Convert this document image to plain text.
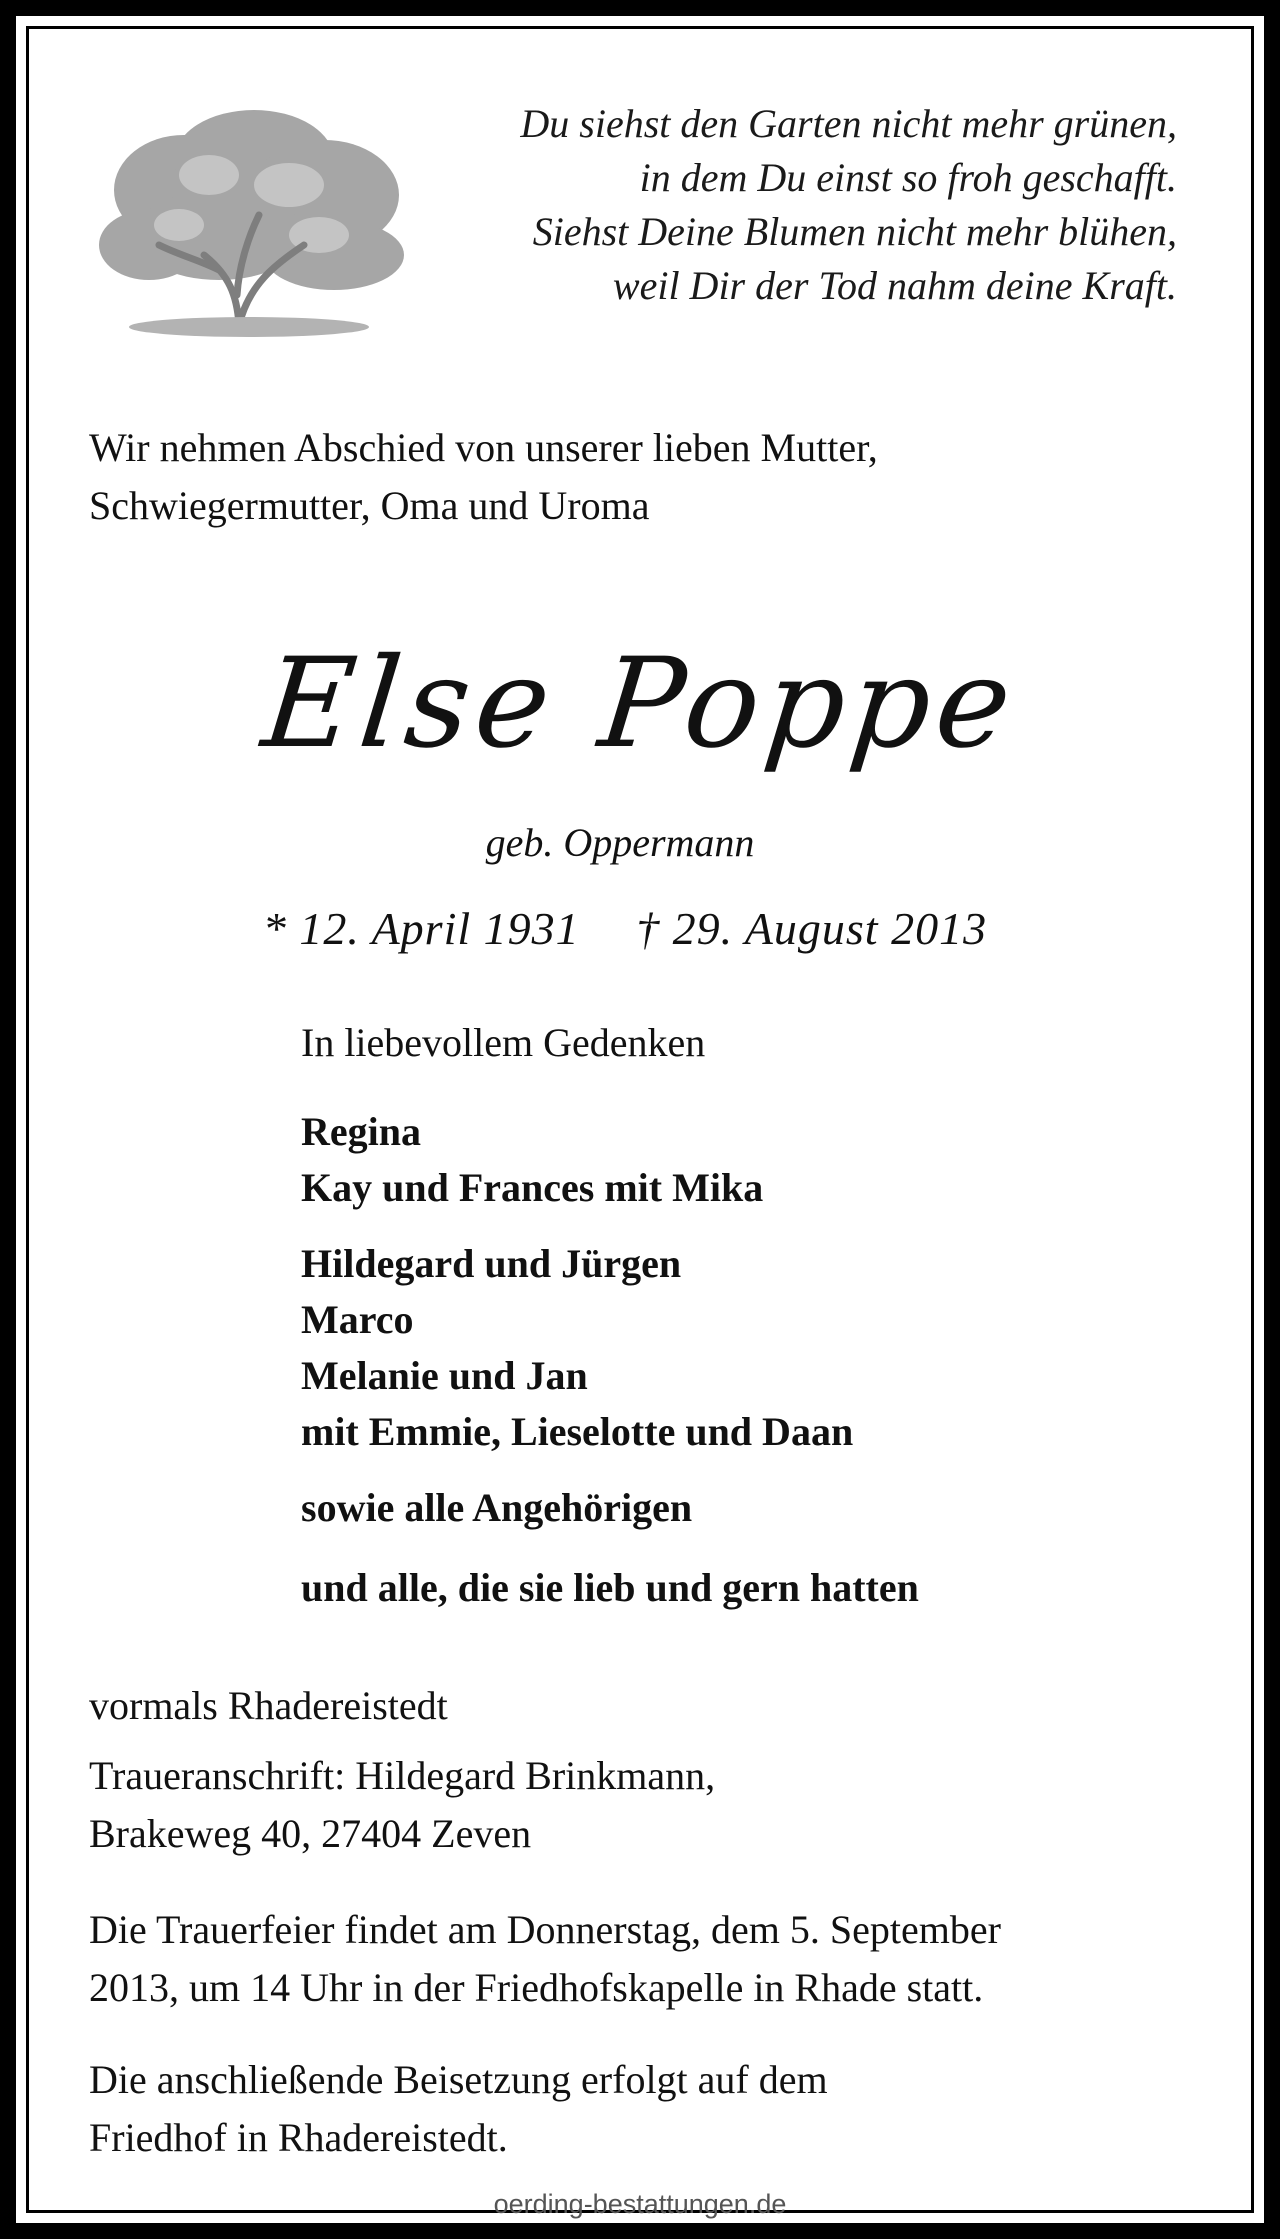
Du siehst den Garten nicht mehr grünen,
in dem Du einst so froh geschafft.
Siehst Deine Blumen nicht mehr blühen,
weil Dir der Tod nahm deine Kraft.
Wir nehmen Abschied von unserer lieben Mutter,
Schwiegermutter, Oma und Uroma
Else Poppe
geb. Oppermann
* 12. April 1931 † 29. August 2013
In liebevollem Gedenken
Regina
Kay und Frances mit Mika
Hildegard und Jürgen
Marco
Melanie und Jan
mit Emmie, Lieselotte und Daan
sowie alle Angehörigen
und alle, die sie lieb und gern hatten
vormals Rhadereistedt
Traueranschrift: Hildegard Brinkmann,
Brakeweg 40, 27404 Zeven
Die Trauerfeier findet am Donnerstag, dem 5. September
2013, um 14 Uhr in der Friedhofskapelle in Rhade statt.
Die anschließende Beisetzung erfolgt auf dem
Friedhof in Rhadereistedt.
oerding-bestattungen.de
